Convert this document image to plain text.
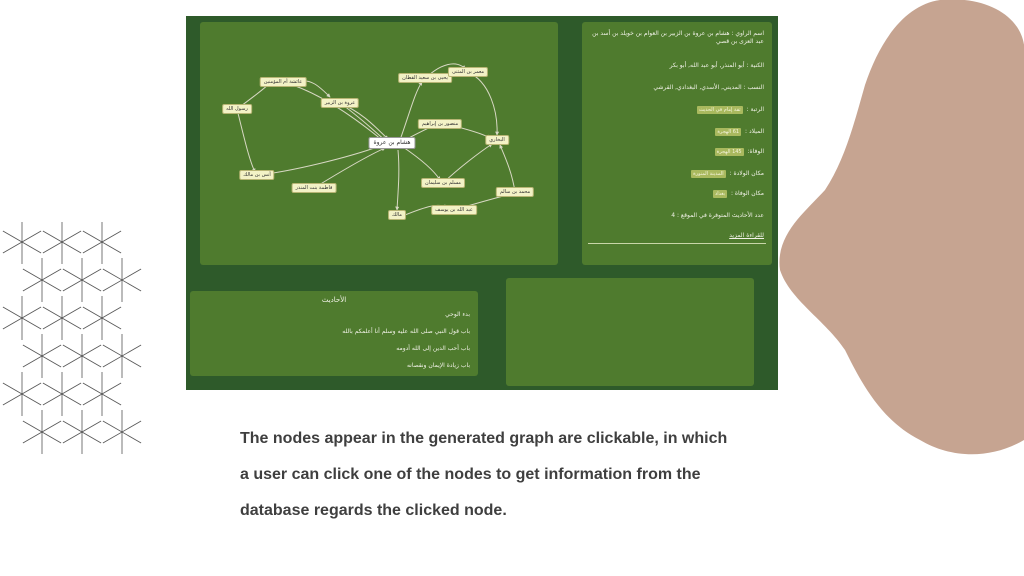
هشام بن عروة
عائشة أم المؤمنين
رسول الله
عروة بن الزبير
يحيى بن سعيد القطان
معمر بن المثنى
منصور بن إبراهيم
البخاري
أنس بن مالك
فاطمة بنت المنذر
عبد الله بن يوسف
مسلم بن سليمان
محمد بن سالم
مالك
اسم الراوي : هشام بن عروة بن الزبير بن العوام بن خويلد بن أسد بن عبد العزى بن قصي
الكنية : أبو المنذر, أبو عبد الله, أبو بكر
النسب : المديني, الأسدي, البغدادي, القرشي
الرتبة : ثقة إمام في الحديث
الميلاد : 61 الهجرة
الوفاة: 145 الهجرة
مكان الولادة : المدينة المنورة
مكان الوفاة : بغداد
عدد الأحاديث المتوفرة في الموقع : 4
للقراءة المزيد
الأحاديث
بدء الوحي
باب قول النبي صلى الله عليه وسلم أنا أعلمكم بالله
باب أحب الدين إلى الله أدومه
باب زيادة الإيمان ونقصانه

The nodes appear in the generated graph are clickable, in which

a user can click one of the nodes to get information from the

database regards the clicked node.
